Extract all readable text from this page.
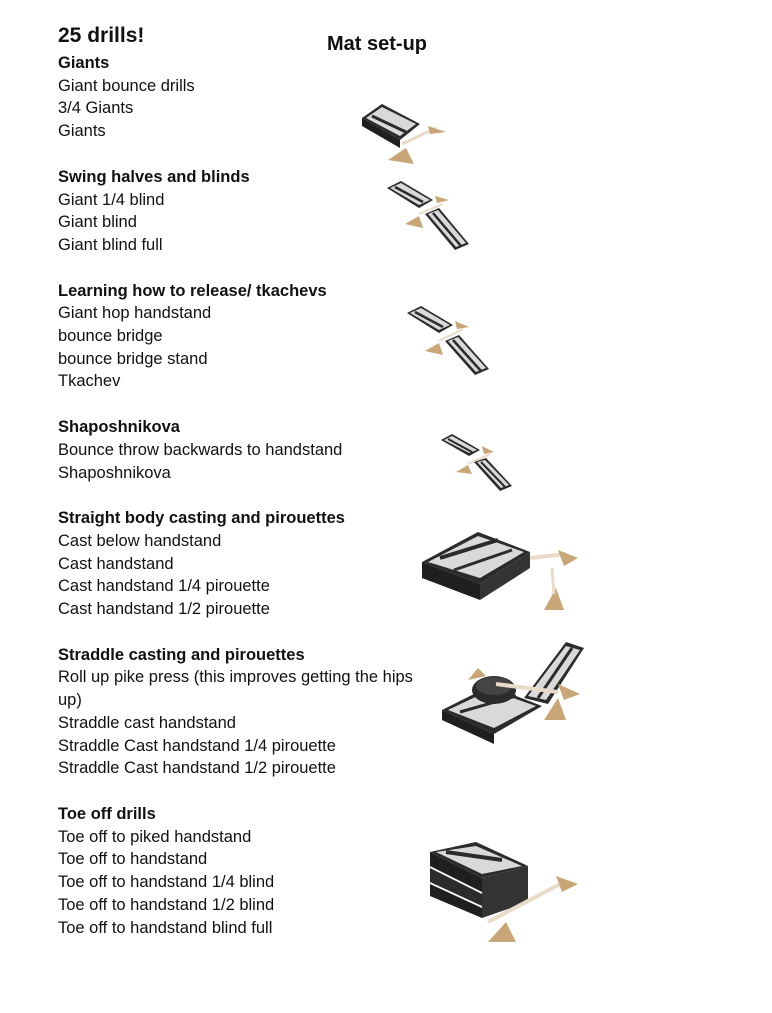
25 drills!	Mat set-up

Giants

Giant bounce drills
3/4 Giants
Giants

Swing halves and blinds

Giant 1/4 blind
Giant blind
Giant blind full

Learning how to release/ tkachevs

Giant hop handstand
bounce bridge
bounce bridge stand
Tkachev

Shaposhnikova

Bounce throw backwards to handstand
Shaposhnikova

Straight body casting and pirouettes

Cast below handstand
Cast handstand
Cast handstand 1/4 pirouette
Cast handstand 1/2 pirouette

Straddle casting and pirouettes

Roll up pike press (this improves getting the hips up)
Straddle cast handstand
Straddle Cast handstand 1/4 pirouette
Straddle Cast handstand 1/2 pirouette

Toe off drills

Toe off to piked handstand
Toe off to handstand
Toe off to handstand 1/4 blind
Toe off to handstand 1/2 blind
Toe off to handstand blind full
